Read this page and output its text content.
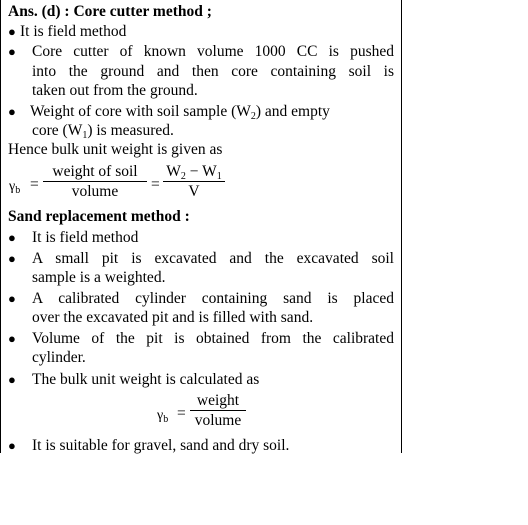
Ans. (d) : Core cutter method ;
● It is field method
● Core cutter of known volume 1000 CC is pushed
into the ground and then core containing soil is
taken out from the ground.
● Weight of core with soil sample $(W_2)$ and empty
core $(W_1)$ is measured.
Hence bulk unit weight is given as
$\gamma_b$ =
weight of soil
volume	=
$W_2 - W_1$
V
Sand replacement method :
● It is field method
● A small pit is excavated and the excavated soil
sample is a weighted.
● A calibrated cylinder containing sand is placed
over the excavated pit and is filled with sand.
● Volume of the pit is obtained from the calibrated
cylinder.
● The bulk unit weight is calculated as
$\gamma_b$ =
weight
volume
● It is suitable for gravel, sand and dry soil.
